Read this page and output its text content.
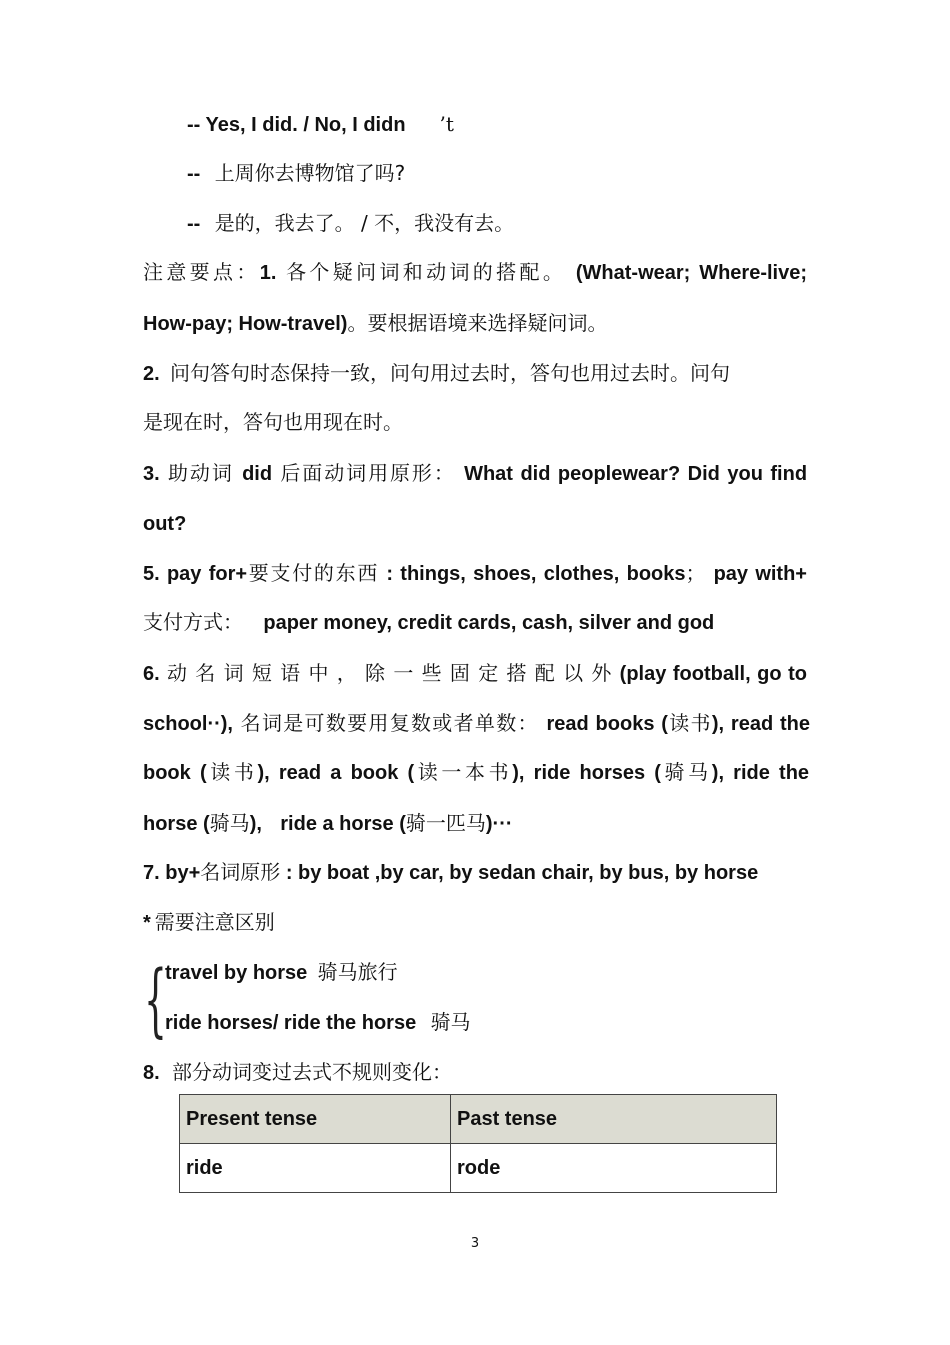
-- Yes, I did. / No, I didn ’t
-- 上周你去博物馆了吗?
-- 是的，我去了。 / 不，我没有去。
注意要点：1. 各个疑问词和动词的搭配。 (What-wear; Where-live;
How-pay; How-travel)。要根据语境来选择疑问词。
2. 问句答句时态保持一致，问句用过去时，答句也用过去时。问句
是现在时，答句也用现在时。
3. 助动词 did 后面动词用原形： What did peoplewear? Did you find
out?
5. pay for+要支付的东西 : things, shoes, clothes, books； pay with+
支付方式： paper money, credit cards, cash, silver and god
6. 动 名 词 短 语 中 ， 除 一 些 固 定 搭 配 以 外 (play football, go to
school··), 名词是可数要用复数或者单数： read books (读书), read the
book (读书), read a book (读一本书), ride horses (骑马), ride the
horse (骑马), ride a horse (骑一匹马)···
7. by+名词原形 : by boat ,by car, by sedan chair, by bus, by horse
* 需要注意区别
{
travel by horse 骑马旅行
ride horses/ ride the horse 骑马
8. 部分动词变过去式不规则变化：
Present tense	Past tense
ride	rode
3
